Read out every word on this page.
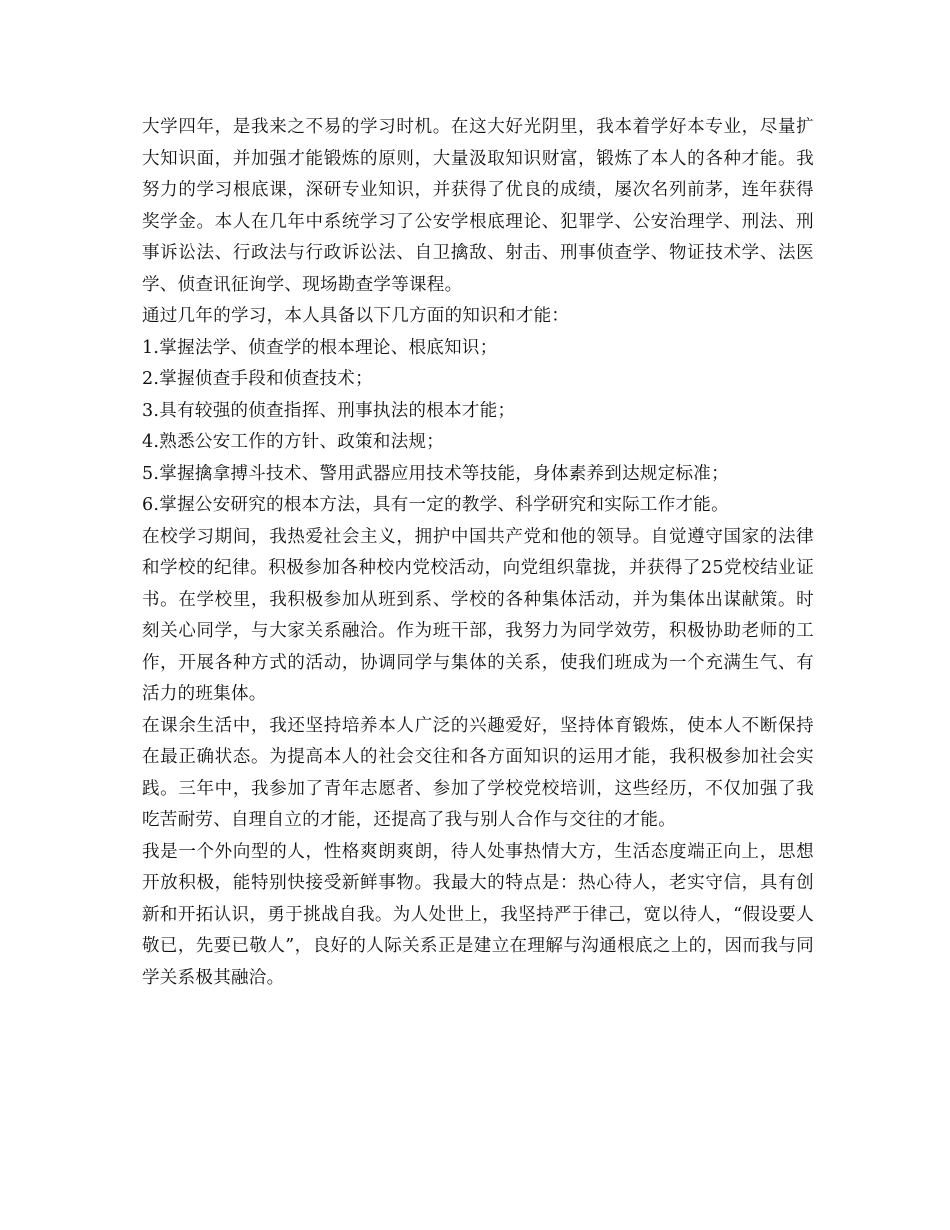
大学四年，是我来之不易的学习时机。在这大好光阴里，我本着学好本专业，尽量扩大知识面，并加强才能锻炼的原则，大量汲取知识财富，锻炼了本人的各种才能。我努力的学习根底课，深研专业知识，并获得了优良的成绩，屡次名列前茅，连年获得奖学金。本人在几年中系统学习了公安学根底理论、犯罪学、公安治理学、刑法、刑事诉讼法、行政法与行政诉讼法、自卫擒敌、射击、刑事侦查学、物证技术学、法医学、侦查讯征询学、现场勘查学等课程。

通过几年的学习，本人具备以下几方面的知识和才能：

1.掌握法学、侦查学的根本理论、根底知识；

2.掌握侦查手段和侦查技术；

3.具有较强的侦查指挥、刑事执法的根本才能；

4.熟悉公安工作的方针、政策和法规；

5.掌握擒拿搏斗技术、警用武器应用技术等技能，身体素养到达规定标准；

6.掌握公安研究的根本方法，具有一定的教学、科学研究和实际工作才能。

在校学习期间，我热爱社会主义，拥护中国共产党和他的领导。自觉遵守国家的法律和学校的纪律。积极参加各种校内党校活动，向党组织靠拢，并获得了25党校结业证书。在学校里，我积极参加从班到系、学校的各种集体活动，并为集体出谋献策。时刻关心同学，与大家关系融洽。作为班干部，我努力为同学效劳，积极协助老师的工作，开展各种方式的活动，协调同学与集体的关系，使我们班成为一个充满生气、有活力的班集体。

在课余生活中，我还坚持培养本人广泛的兴趣爱好，坚持体育锻炼，使本人不断保持在最正确状态。为提高本人的社会交往和各方面知识的运用才能，我积极参加社会实践。三年中，我参加了青年志愿者、参加了学校党校培训，这些经历，不仅加强了我吃苦耐劳、自理自立的才能，还提高了我与别人合作与交往的才能。

我是一个外向型的人，性格爽朗爽朗，待人处事热情大方，生活态度端正向上，思想开放积极，能特别快接受新鲜事物。我最大的特点是：热心待人，老实守信，具有创新和开拓认识，勇于挑战自我。为人处世上，我坚持严于律己，宽以待人，“假设要人敬已，先要已敬人”，良好的人际关系正是建立在理解与沟通根底之上的，因而我与同学关系极其融洽。
